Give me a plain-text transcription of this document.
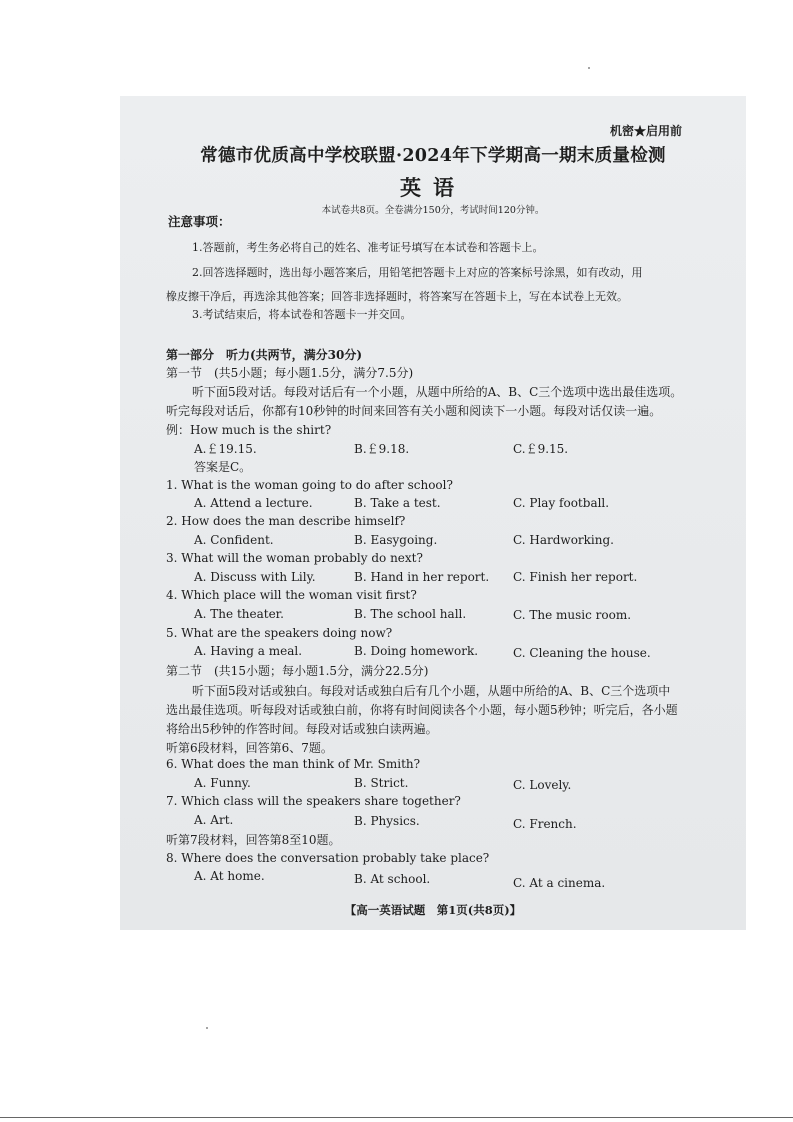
机密★启用前
常德市优质高中学校联盟·2024年下学期高一期末质量检测
英语
本试卷共8页。全卷满分150分，考试时间120分钟。
注意事项：
1.答题前，考生务必将自己的姓名、准考证号填写在本试卷和答题卡上。
2.回答选择题时，选出每小题答案后，用铅笔把答题卡上对应的答案标号涂黑，如有改动，用
橡皮擦干净后，再选涂其他答案；回答非选择题时，将答案写在答题卡上，写在本试卷上无效。
3.考试结束后，将本试卷和答题卡一并交回。
第一部分　听力(共两节，满分30分)
第一节　(共5小题；每小题1.5分，满分7.5分)
听下面5段对话。每段对话后有一个小题，从题中所给的A、B、C三个选项中选出最佳选项。
听完每段对话后，你都有10秒钟的时间来回答有关小题和阅读下一小题。每段对话仅读一遍。
例：How much is the shirt?
A.￡19.15.	B.￡9.18.	C.￡9.15.
答案是C。
1. What is the woman going to do after school?
A. Attend a lecture.	B. Take a test.	C. Play football.
2. How does the man describe himself?
A. Confident.	B. Easygoing.	C. Hardworking.
3. What will the woman probably do next?
A. Discuss with Lily.	B. Hand in her report. C. Finish her report.
4. Which place will the woman visit first?
A. The theater.	B. The school hall.	C. The music room.
5. What are the speakers doing now?
A. Having a meal.	B. Doing homework.	C. Cleaning the house.
第二节　(共15小题；每小题1.5分，满分22.5分)
听下面5段对话或独白。每段对话或独白后有几个小题，从题中所给的A、B、C三个选项中
选出最佳选项。听每段对话或独白前，你将有时间阅读各个小题，每小题5秒钟；听完后，各小题
将给出5秒钟的作答时间。每段对话或独白读两遍。
听第6段材料，回答第6、7题。
6. What does the man think of Mr. Smith?
A. Funny.	B. Strict.	C. Lovely.
7. Which class will the speakers share together?
A. Art.	B. Physics.	C. French.
听第7段材料，回答第8至10题。
8. Where does the conversation probably take place?
A. At home.	B. At school.	C. At a cinema.
【高一英语试题　第1页(共8页)】
